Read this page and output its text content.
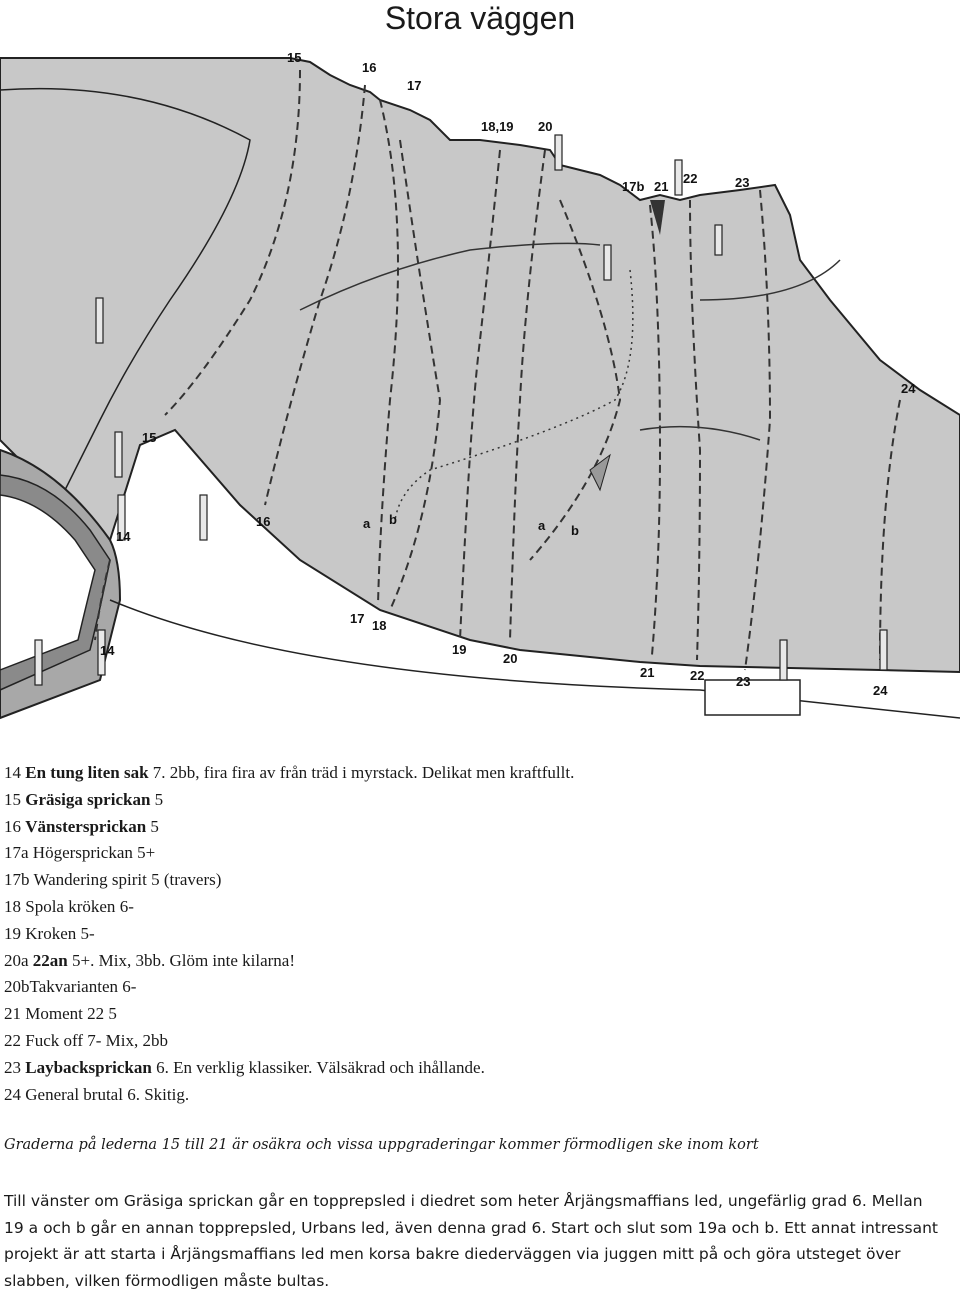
Stora väggen
15
16
17
18,19 20
17b 21
22	23
24
15
16
14
14
a b	a b
17 18
19
20
21	22 23
24
14 En tung liten sak 7. 2bb, fira fira av från träd i myrstack. Delikat men kraftfullt.
15 Gräsiga sprickan 5
16 Vänstersprickan 5
17a Högersprickan 5+
17b Wandering spirit 5 (travers)
18 Spola kröken 6-
19 Kroken 5-
20a 22an 5+. Mix, 3bb. Glöm inte kilarna!
20bTakvarianten 6-
21 Moment 22 5
22 Fuck off 7- Mix, 2bb
23 Laybacksprickan 6. En verklig klassiker. Välsäkrad och ihållande.
24 General brutal 6. Skitig.
Graderna på lederna 15 till 21 är osäkra och vissa uppgraderingar kommer förmodligen ske inom kort
Till vänster om Gräsiga sprickan går en topprepsled i diedret som heter Årjängsmaffians led, ungefärlig grad 6. Mellan 19 a och b går en annan topprepsled, Urbans led, även denna grad 6. Start och slut som 19a och b. Ett annat intressant projekt är att starta i Årjängsmaffians led men korsa bakre diederväggen via juggen mitt på och göra utsteget över slabben, vilken förmodligen måste bultas.
